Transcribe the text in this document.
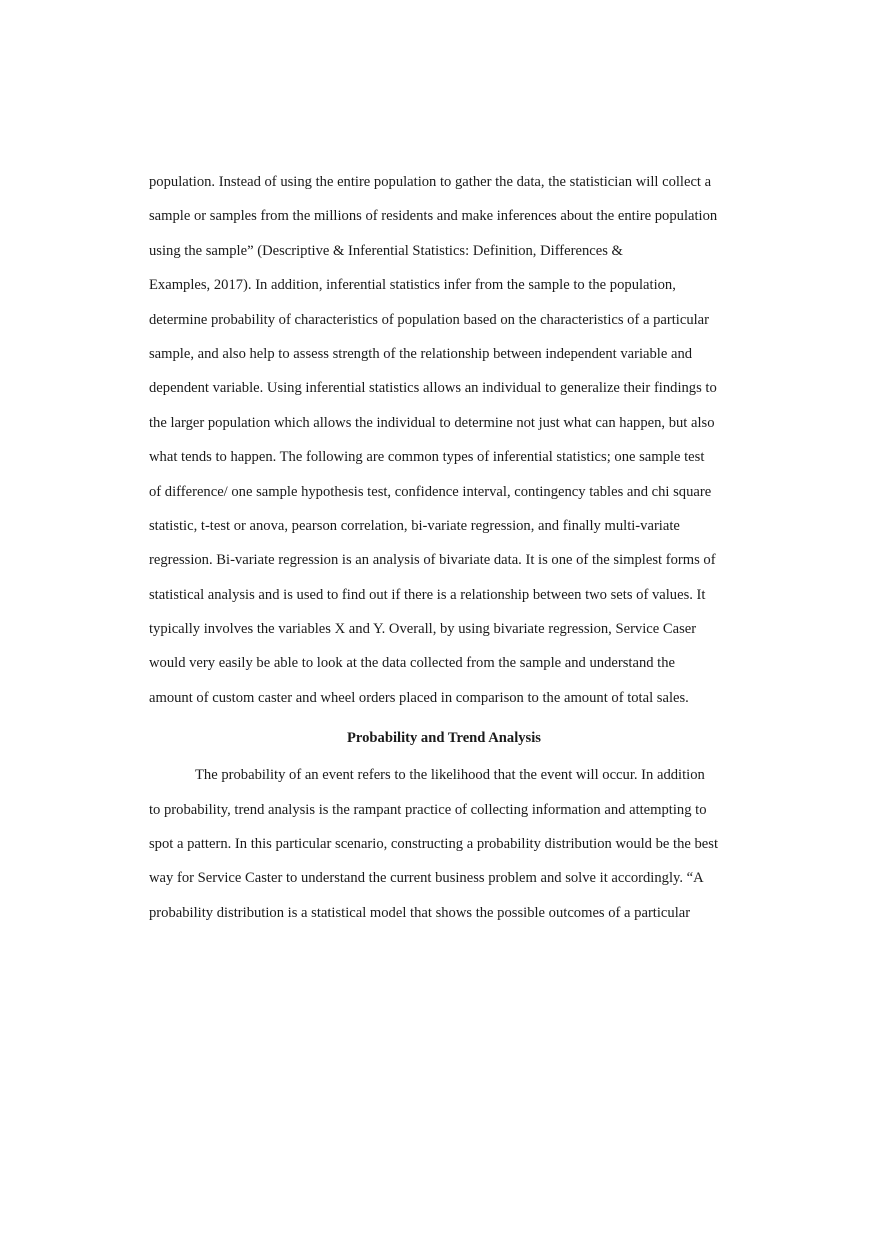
population. Instead of using the entire population to gather the data, the statistician will collect a
sample or samples from the millions of residents and make inferences about the entire population
using the sample” (Descriptive & Inferential Statistics: Definition, Differences &
Examples, 2017). In addition, inferential statistics infer from the sample to the population,
determine probability of characteristics of population based on the characteristics of a particular
sample, and also help to assess strength of the relationship between independent variable and
dependent variable. Using inferential statistics allows an individual to generalize their findings to
the larger population which allows the individual to determine not just what can happen, but also
what tends to happen. The following are common types of inferential statistics; one sample test
of difference/ one sample hypothesis test, confidence interval, contingency tables and chi square
statistic, t-test or anova, pearson correlation, bi-variate regression, and finally multi-variate
regression. Bi-variate regression is an analysis of bivariate data. It is one of the simplest forms of
statistical analysis and is used to find out if there is a relationship between two sets of values. It
typically involves the variables X and Y. Overall, by using bivariate regression, Service Caser
would very easily be able to look at the data collected from the sample and understand the
amount of custom caster and wheel orders placed in comparison to the amount of total sales.
Probability and Trend Analysis
The probability of an event refers to the likelihood that the event will occur. In addition
to probability, trend analysis is the rampant practice of collecting information and attempting to
spot a pattern. In this particular scenario, constructing a probability distribution would be the best
way for Service Caster to understand the current business problem and solve it accordingly. “A
probability distribution is a statistical model that shows the possible outcomes of a particular
